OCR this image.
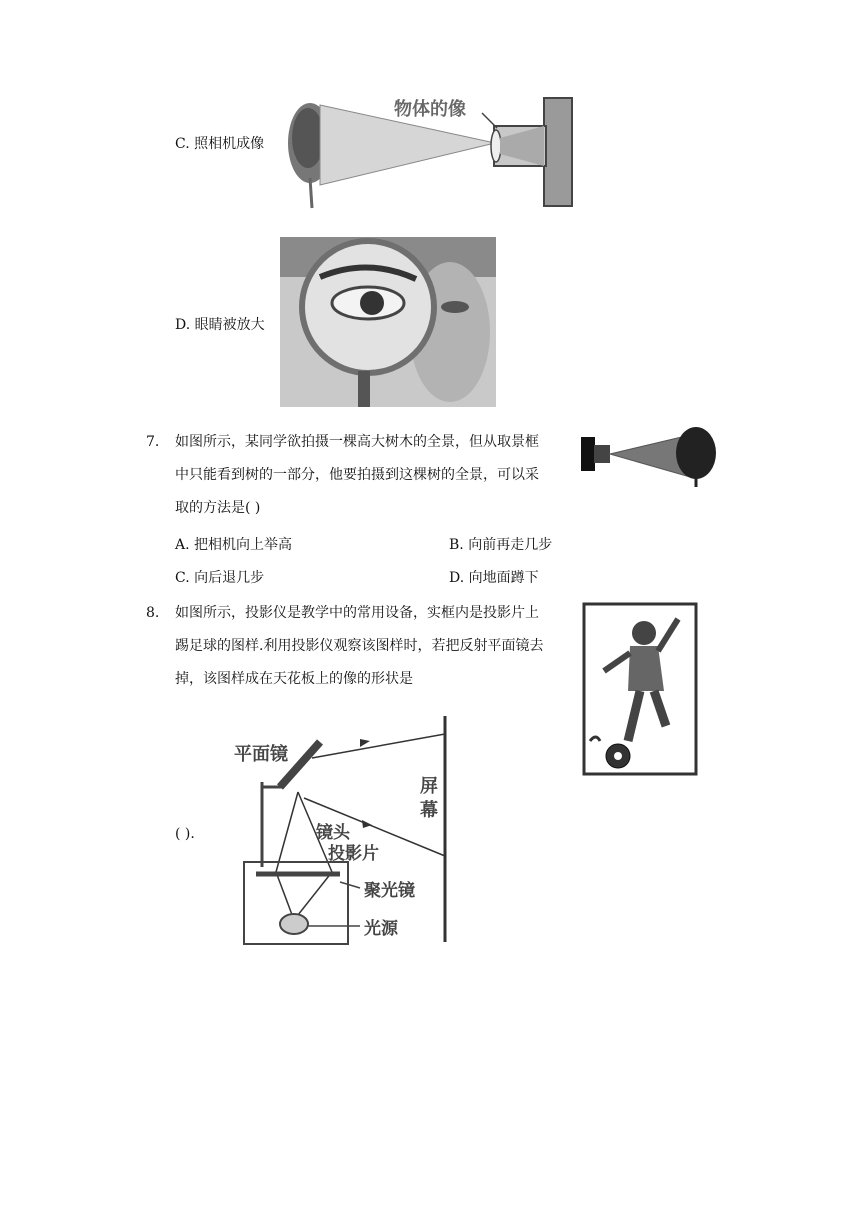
C. 照相机成像
物体的像
D. 眼睛被放大
7. 如图所示，某同学欲拍摄一棵高大树木的全景，但从取景框
中只能看到树的一部分，他要拍摄到这棵树的全景，可以采
取的方法是( )
A. 把相机向上举高	B. 向前再走几步
C. 向后退几步	D. 向地面蹲下
8. 如图所示，投影仪是教学中的常用设备，实框内是投影片上
踢足球的图样.利用投影仪观察该图样时，若把反射平面镜去
掉，该图样成在天花板上的像的形状是
平面镜
屏
幕
镜头
投影片
聚光镜
光源
( ).
